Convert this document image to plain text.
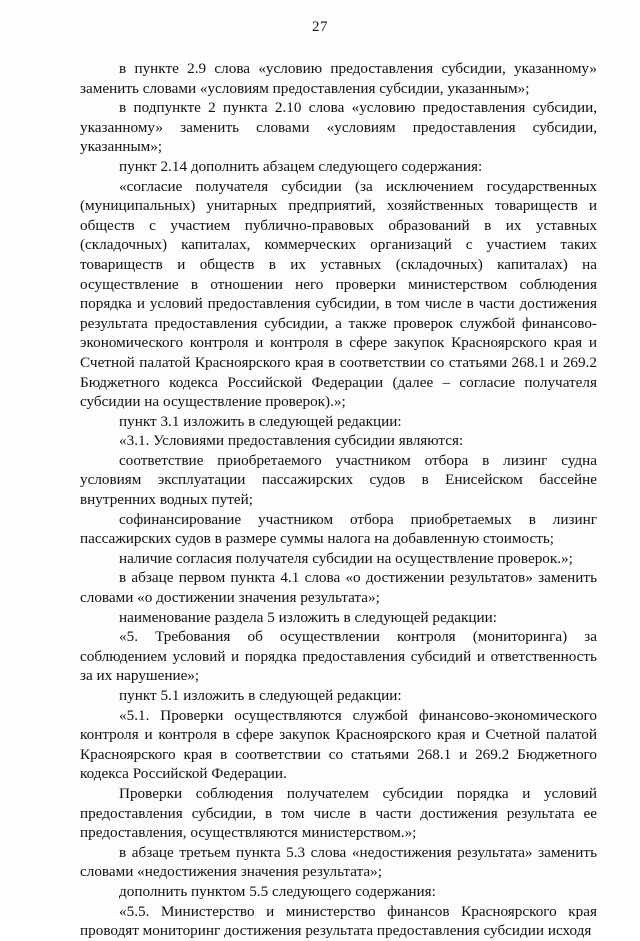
27

в пункте 2.9 слова «условию предоставления субсидии, указанному» заменить словами «условиям предоставления субсидии, указанным»;

в подпункте 2 пункта 2.10 слова «условию предоставления субсидии, указанному» заменить словами «условиям предоставления субсидии, указанным»;

пункт 2.14 дополнить абзацем следующего содержания:

«согласие получателя субсидии (за исключением государственных (муниципальных) унитарных предприятий, хозяйственных товариществ и обществ с участием публично-правовых образований в их уставных (складочных) капиталах, коммерческих организаций с участием таких товариществ и обществ в их уставных (складочных) капиталах) на осуществление в отношении него проверки министерством соблюдения порядка и условий предоставления субсидии, в том числе в части достижения результата предоставления субсидии, а также проверок службой финансово-экономического контроля и контроля в сфере закупок Красноярского края и Счетной палатой Красноярского края в соответствии со статьями 268.1 и 269.2 Бюджетного кодекса Российской Федерации (далее – согласие получателя субсидии на осуществление проверок).»;

пункт 3.1 изложить в следующей редакции:

«3.1. Условиями предоставления субсидии являются:

соответствие приобретаемого участником отбора в лизинг судна условиям эксплуатации пассажирских судов в Енисейском бассейне внутренних водных путей;

софинансирование участником отбора приобретаемых в лизинг пассажирских судов в размере суммы налога на добавленную стоимость;

наличие согласия получателя субсидии на осуществление проверок.»;

в абзаце первом пункта 4.1 слова «о достижении результатов» заменить словами «о достижении значения результата»;

наименование раздела 5 изложить в следующей редакции:

«5. Требования об осуществлении контроля (мониторинга) за соблюдением условий и порядка предоставления субсидий и ответственность за их нарушение»;

пункт 5.1 изложить в следующей редакции:

«5.1. Проверки осуществляются службой финансово-экономического контроля и контроля в сфере закупок Красноярского края и Счетной палатой Красноярского края в соответствии со статьями 268.1 и 269.2 Бюджетного кодекса Российской Федерации.

Проверки соблюдения получателем субсидии порядка и условий предоставления субсидии, в том числе в части достижения результата ее предоставления, осуществляются министерством.»;

в абзаце третьем пункта 5.3 слова «недостижения результата» заменить словами «недостижения значения результата»;

дополнить пунктом 5.5 следующего содержания:

«5.5. Министерство и министерство финансов Красноярского края проводят мониторинг достижения результата предоставления субсидии исходя
